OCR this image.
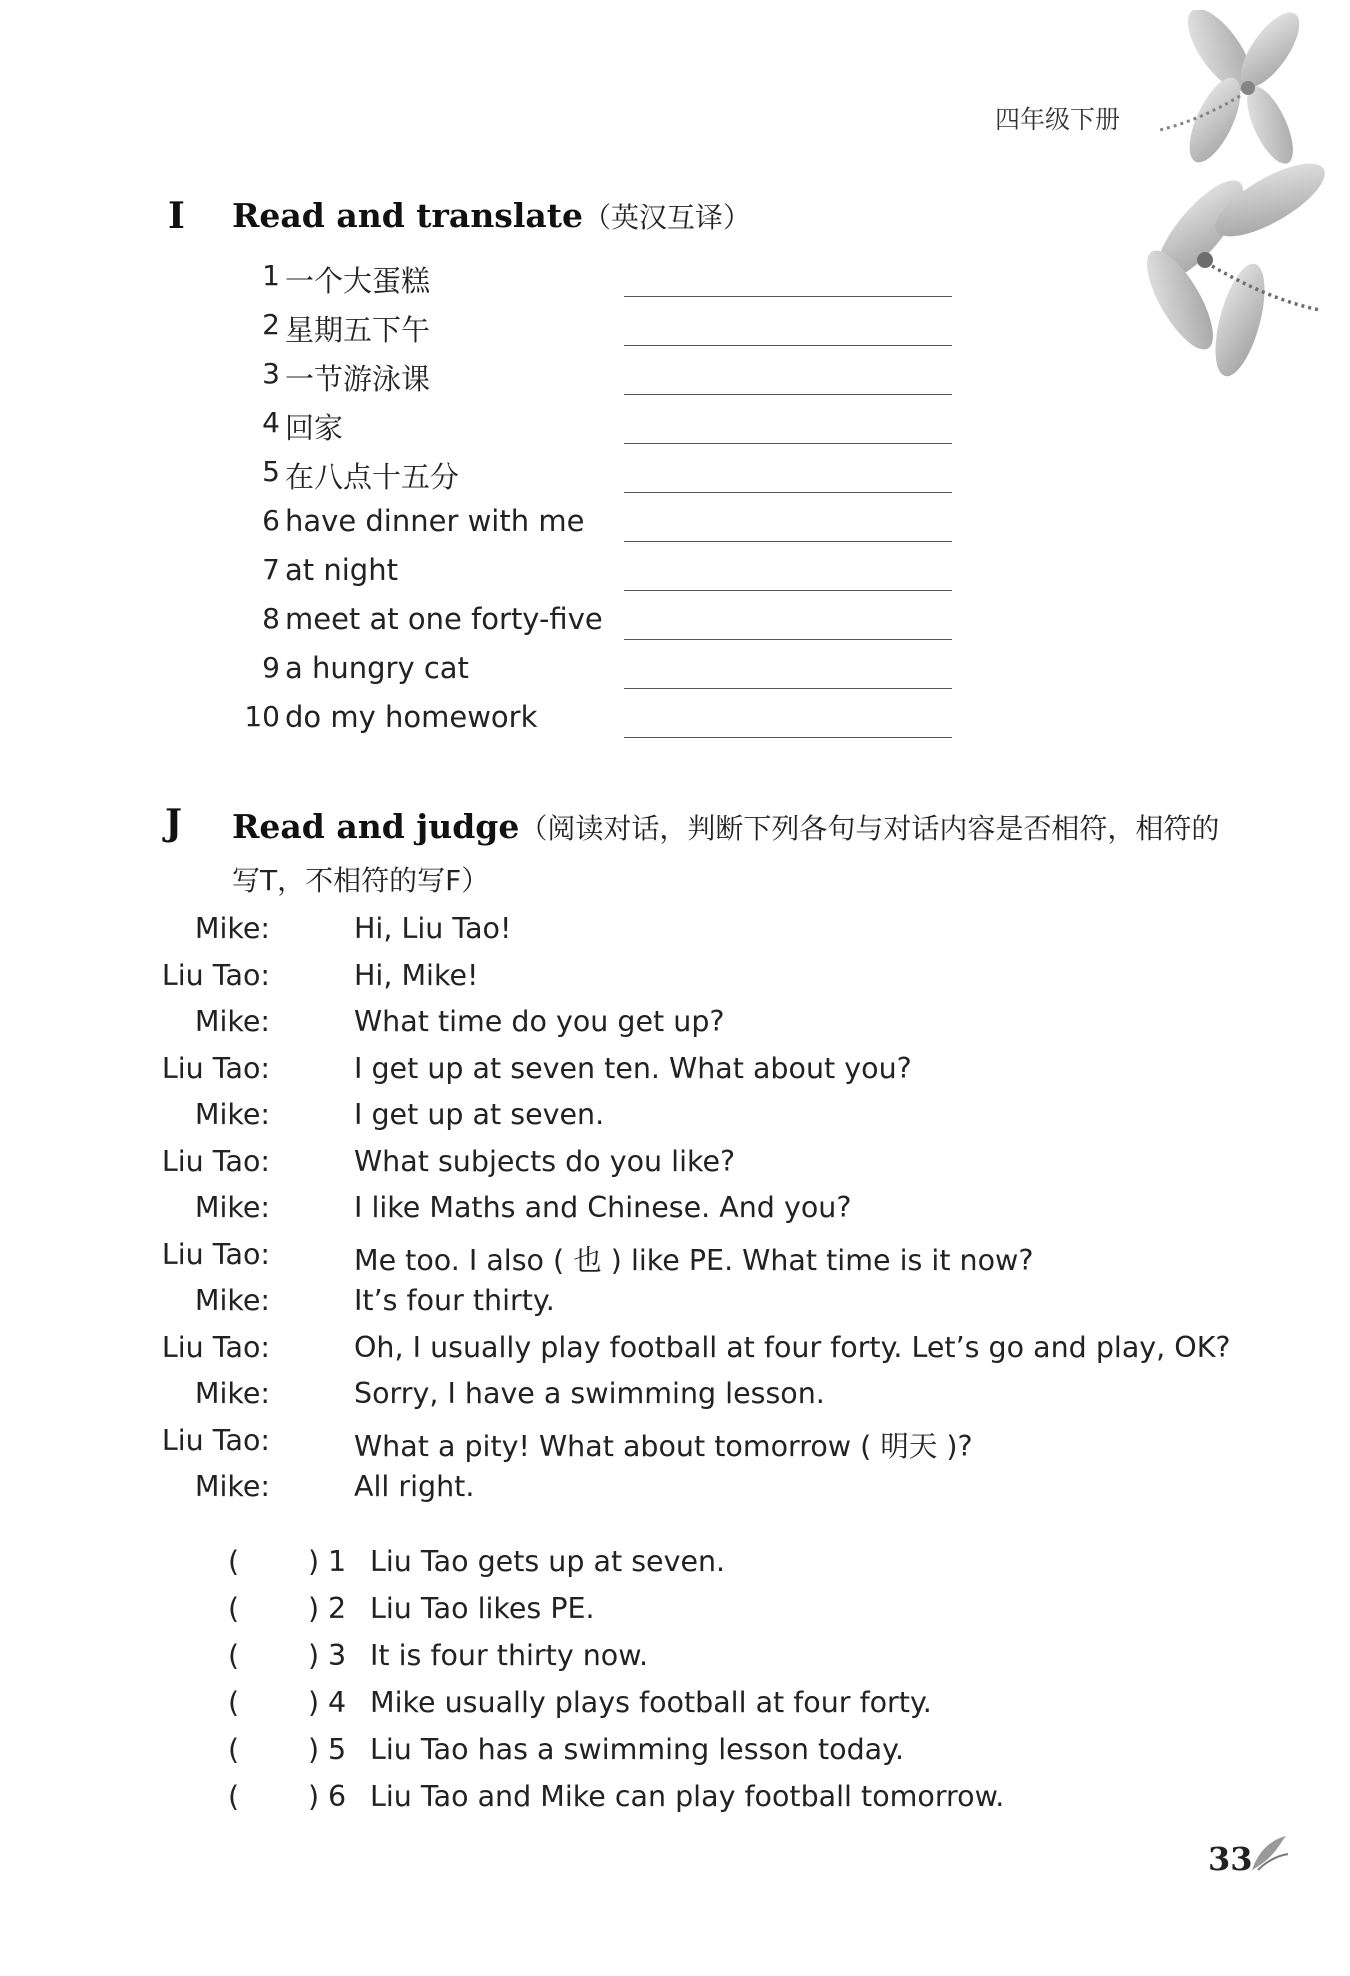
四年级下册
I Read and translate（英汉互译）
1 一个大蛋糕
2 星期五下午
3 一节游泳课
4 回家
5 在八点十五分
6 have dinner with me
7 at night
8 meet at one forty-five
9 a hungry cat
10 do my homework
J Read and judge（阅读对话，判断下列各句与对话内容是否相符，相符的写T，不相符的写F）
Mike:	Hi, Liu Tao!
Liu Tao:	Hi, Mike!
Mike:	What time do you get up?
Liu Tao:	I get up at seven ten. What about you?
Mike:	I get up at seven.
Liu Tao:	What subjects do you like?
Mike:	I like Maths and Chinese. And you?
Liu Tao:	Me too. I also ( 也 ) like PE. What time is it now?
Mike:	It’s four thirty.
Liu Tao:	Oh, I usually play football at four forty. Let’s go and play, OK?
Mike:	Sorry, I have a swimming lesson.
Liu Tao:	What a pity! What about tomorrow ( 明天 )?
Mike:	All right.
( ) 1 Liu Tao gets up at seven.
( ) 2 Liu Tao likes PE.
( ) 3 It is four thirty now.
( ) 4 Mike usually plays football at four forty.
( ) 5 Liu Tao has a swimming lesson today.
( ) 6 Liu Tao and Mike can play football tomorrow.
33
